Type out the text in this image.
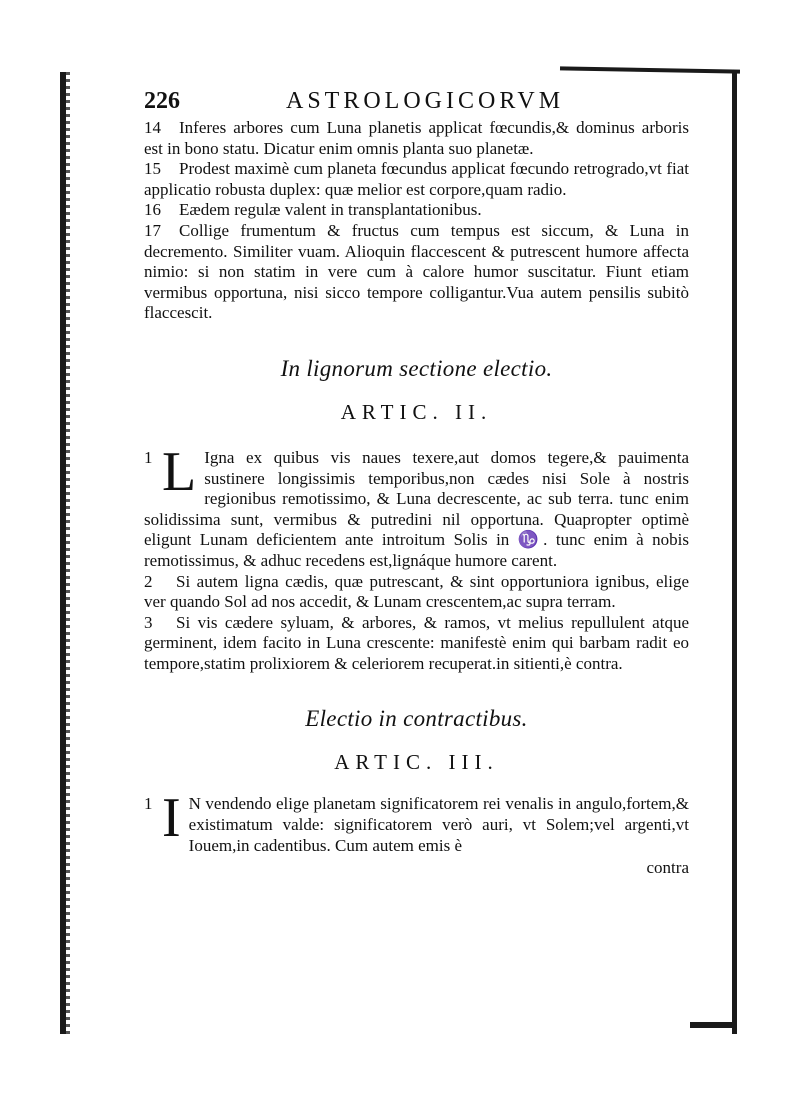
226	ASTROLOGICORVM

14 Inferes arbores cum Luna planetis applicat fœcundis,& dominus arboris est in bono statu. Dicatur enim omnis planta suo planetæ.

15 Prodest maximè cum planeta fœcundus applicat fœcundo retrogrado,vt fiat applicatio robusta duplex: quæ melior est corpore,quam radio.

16 Eædem regulæ valent in transplantationibus.

17 Collige frumentum & fructus cum tempus est siccum, & Luna in decremento. Similiter vuam. Alioquin flaccescent & putrescent humore affecta nimio: si non statim in vere cum à calore humor suscitatur. Fiunt etiam vermibus opportuna, nisi sicco tempore colligantur.Vua autem pensilis subitò flaccescit.

In lignorum sectione electio.
ARTIC. II.

1 L Igna ex quibus vis naues texere,aut domos tegere,& pauimenta sustinere longissimis temporibus,non cædes nisi Sole à nostris regionibus remotissimo, & Luna decrescente, ac sub terra. tunc enim solidissima sunt, vermibus & putredini nil opportuna. Quapropter optimè eligunt Lunam deficientem ante introitum Solis in ♑. tunc enim à nobis remotissimus, & adhuc recedens est,lignáque humore carent.

2 Si autem ligna cædis, quæ putrescant, & sint opportuniora ignibus, elige ver quando Sol ad nos accedit, & Lunam crescentem,ac supra terram.

3 Si vis cædere syluam, & arbores, & ramos, vt melius repullulent atque germinent, idem facito in Luna crescente: manifestè enim qui barbam radit eo tempore,statim prolixiorem & celeriorem recuperat.in sitienti,è contra.

Electio in contractibus.
ARTIC. III.

1 I N vendendo elige planetam significatorem rei venalis in angulo,fortem,& existimatum valde: significatorem verò auri, vt Solem;vel argenti,vt Iouem,in cadentibus. Cum autem emis è

contra
